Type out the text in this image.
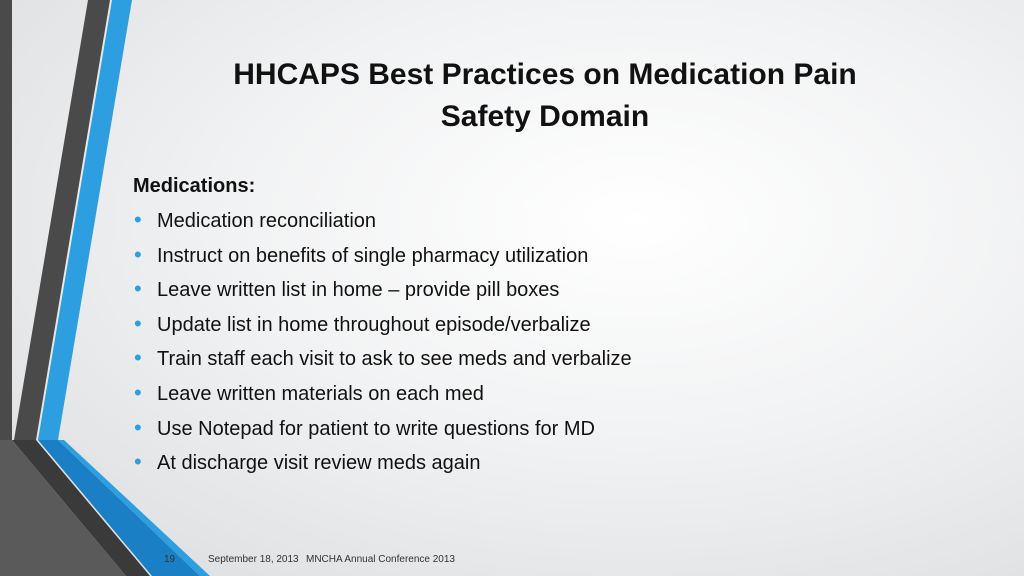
HHCAPS Best Practices on Medication Pain
Safety Domain
Medications:
• Medication reconciliation
• Instruct on benefits of single pharmacy utilization
• Leave written list in home – provide pill boxes
• Update list in home throughout episode/verbalize
• Train staff each visit to ask to see meds and verbalize
• Leave written materials on each med
• Use Notepad for patient to write questions for MD
• At discharge visit review meds again
19	September 18, 2013 MNCHA Annual Conference 2013
